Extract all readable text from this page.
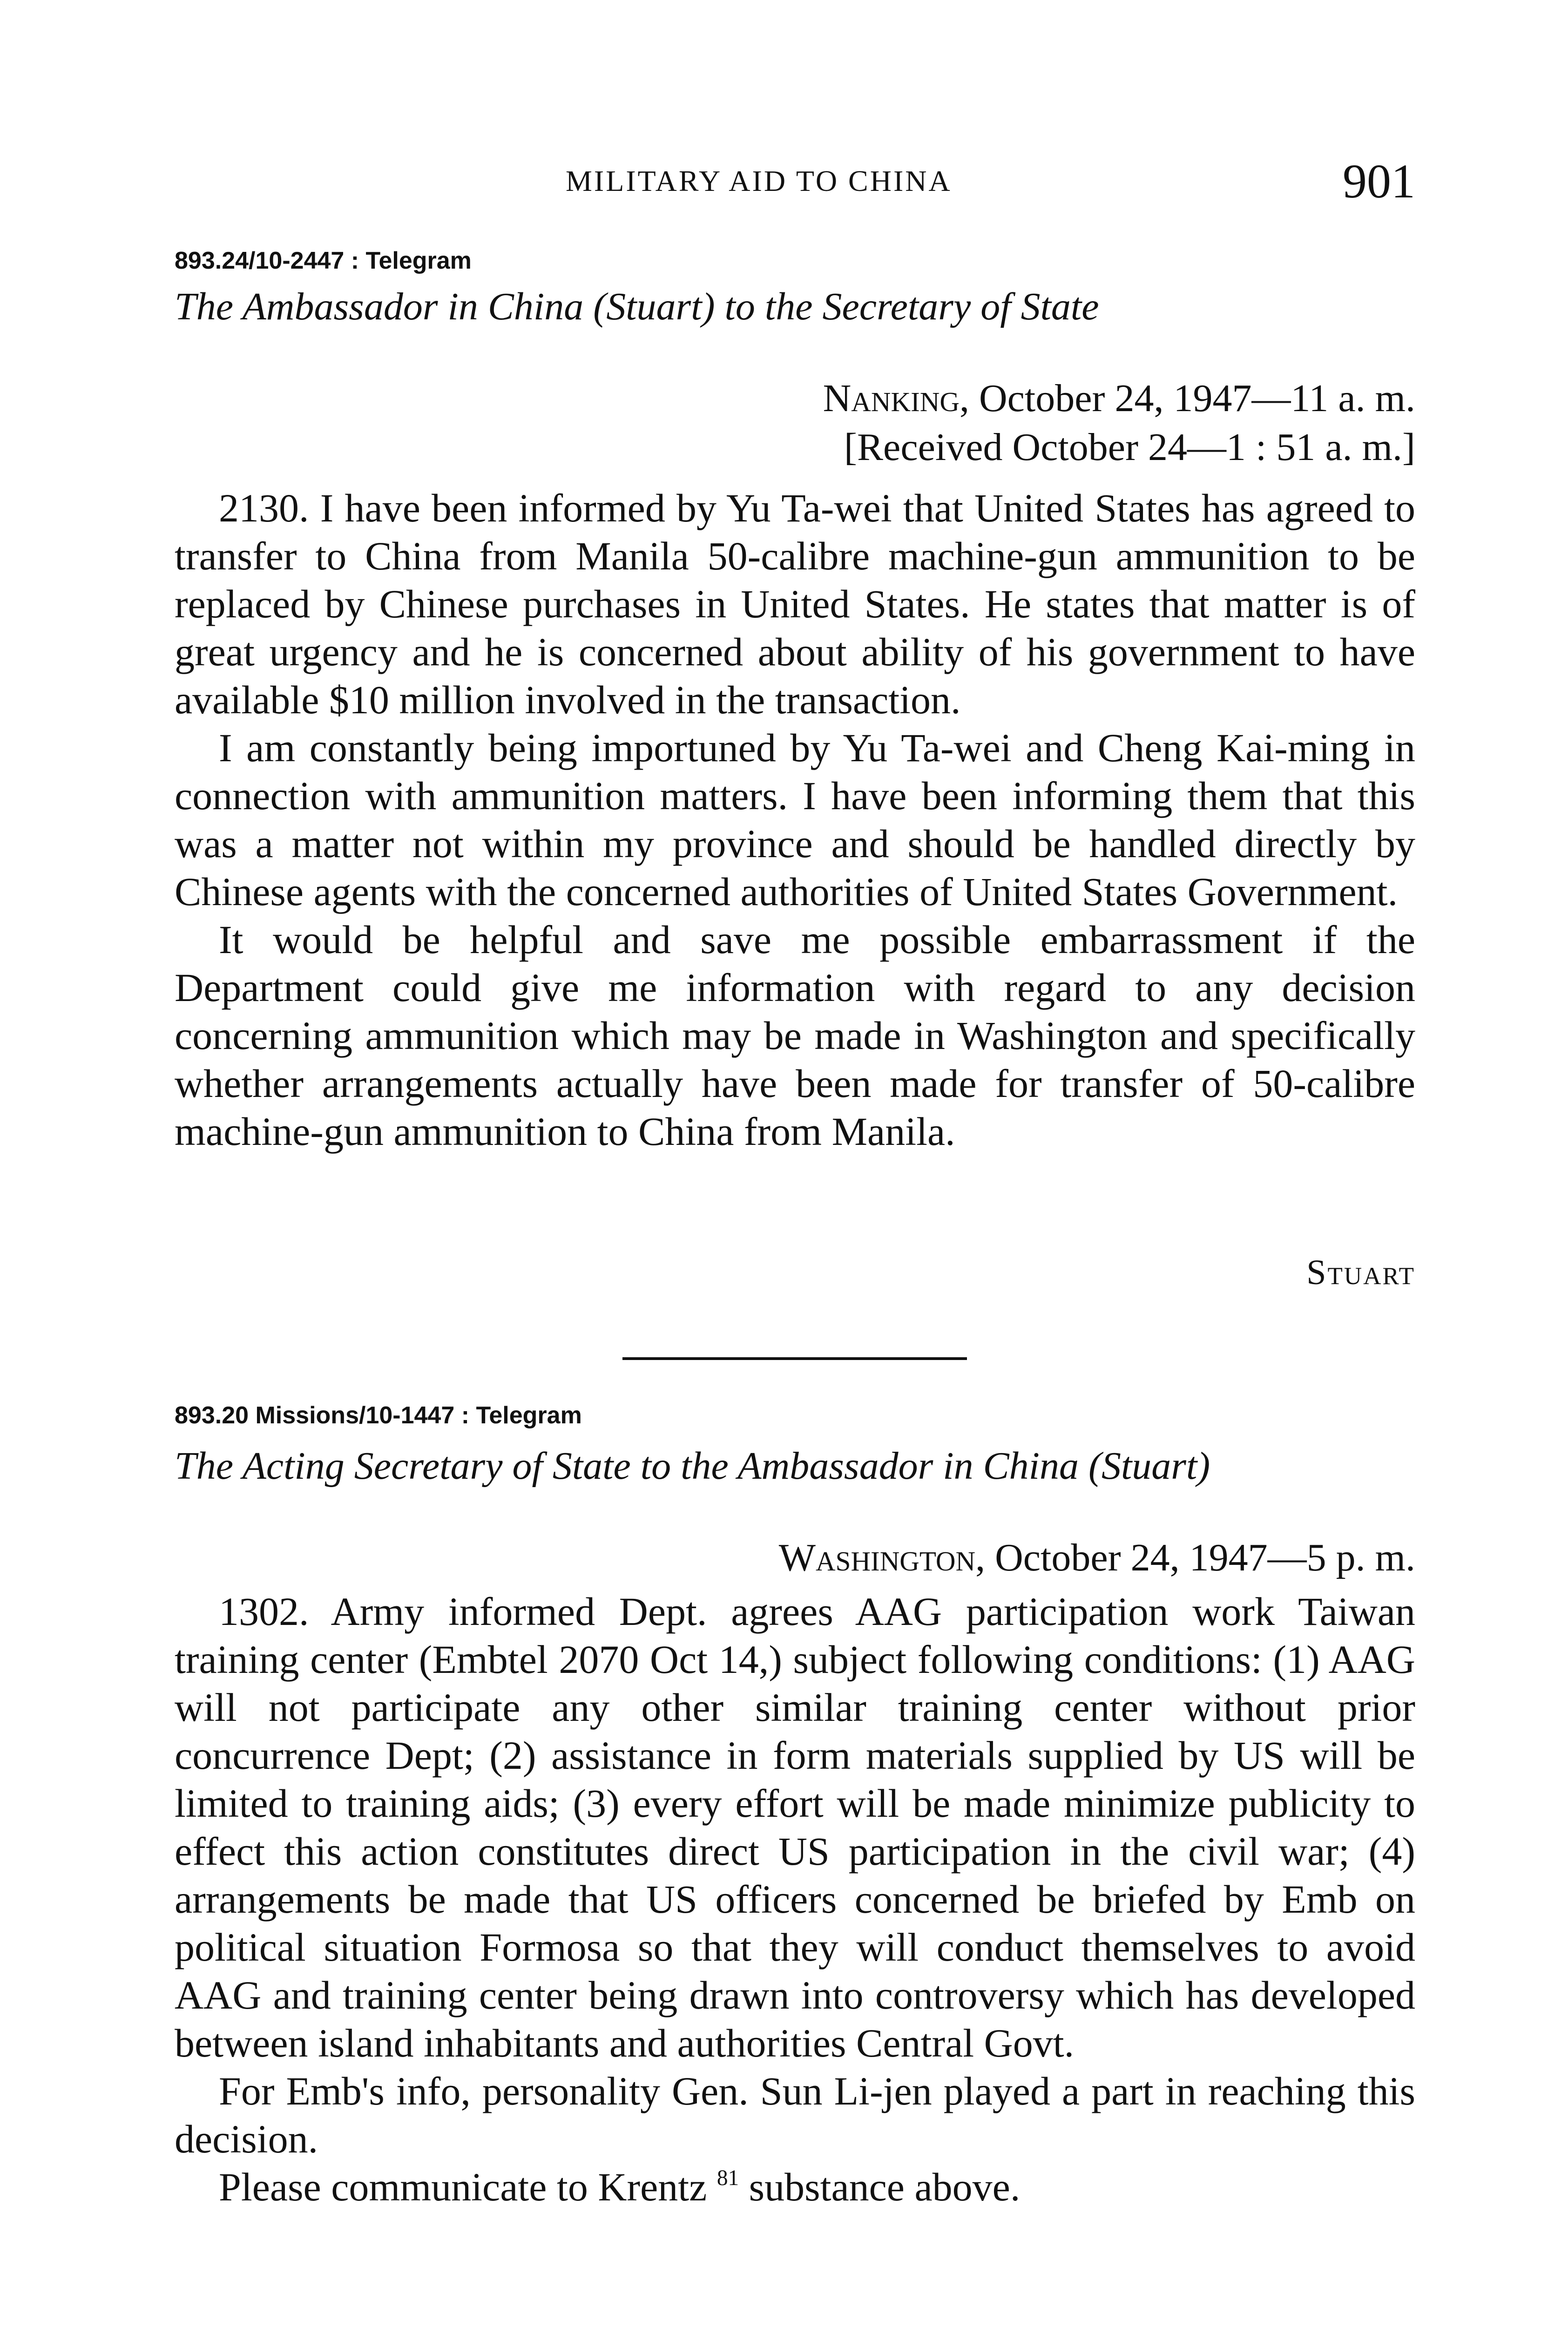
MILITARY AID TO CHINA	901
893.24/10-2447 : Telegram
The Ambassador in China (Stuart) to the Secretary of State
Nanking, October 24, 1947—11 a. m.
[Received October 24—1 : 51 a. m.]

2130. I have been informed by Yu Ta-wei that United States has agreed to transfer to China from Manila 50-calibre machine-gun ammunition to be replaced by Chinese purchases in United States. He states that matter is of great urgency and he is concerned about ability of his government to have available $10 million involved in the transaction.

I am constantly being importuned by Yu Ta-wei and Cheng Kai-ming in connection with ammunition matters. I have been informing them that this was a matter not within my province and should be handled directly by Chinese agents with the concerned authorities of United States Government.

It would be helpful and save me possible embarrassment if the Department could give me information with regard to any decision concerning ammunition which may be made in Washington and specifically whether arrangements actually have been made for transfer of 50-calibre machine-gun ammunition to China from Manila.

Stuart
893.20 Missions/10-1447 : Telegram
The Acting Secretary of State to the Ambassador in China (Stuart)
Washington, October 24, 1947—5 p. m.

1302. Army informed Dept. agrees AAG participation work Taiwan training center (Embtel 2070 Oct 14,) subject following conditions: (1) AAG will not participate any other similar training center without prior concurrence Dept; (2) assistance in form materials supplied by US will be limited to training aids; (3) every effort will be made minimize publicity to effect this action constitutes direct US participation in the civil war; (4) arrangements be made that US officers concerned be briefed by Emb on political situation Formosa so that they will conduct themselves to avoid AAG and training center being drawn into controversy which has developed between island inhabitants and authorities Central Govt.

For Emb's info, personality Gen. Sun Li-jen played a part in reaching this decision.

Please communicate to Krentz $^{81}$ substance above.
